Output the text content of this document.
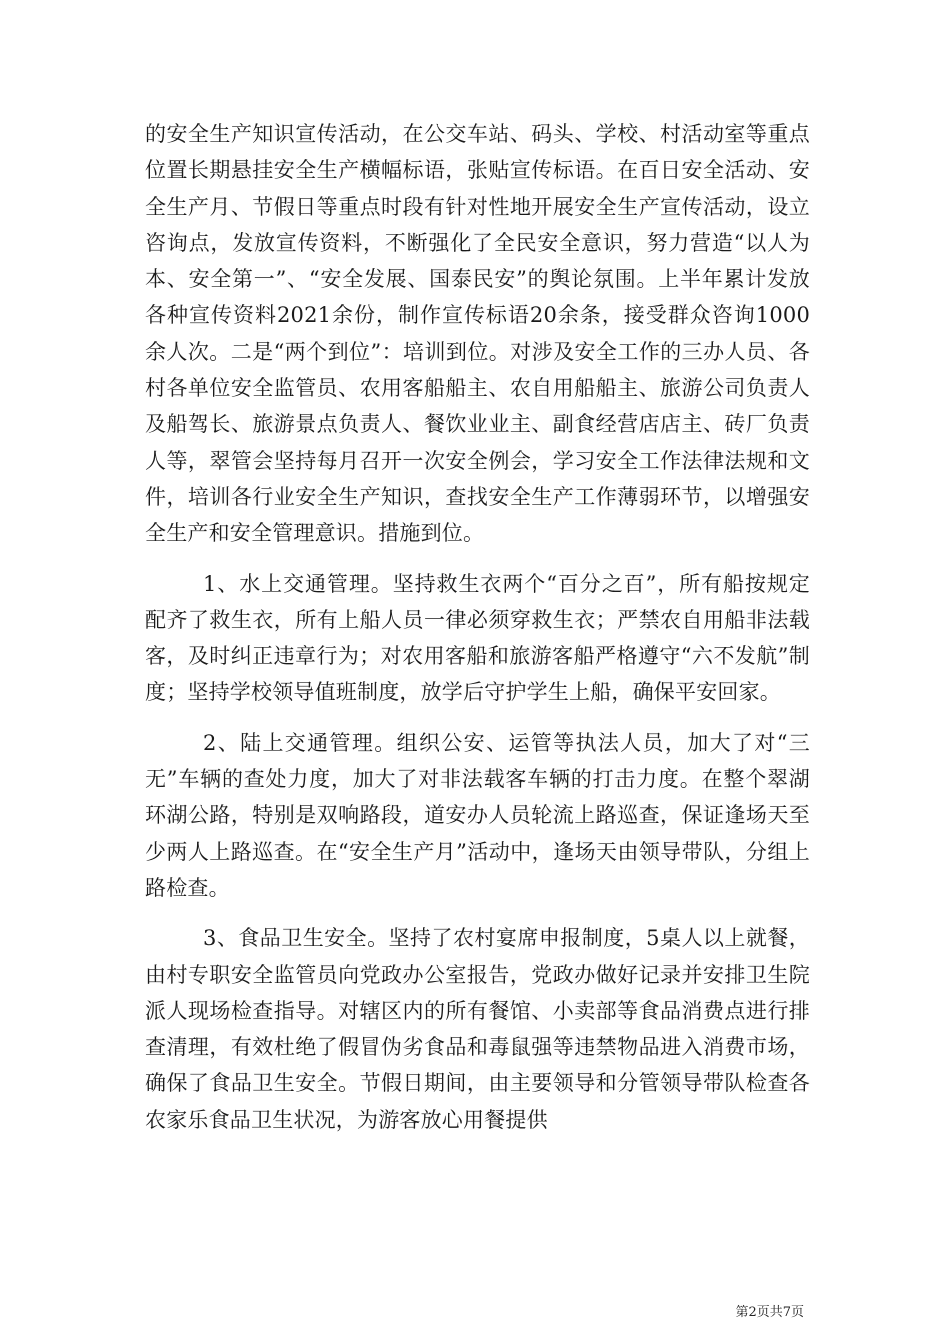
的安全生产知识宣传活动，在公交车站、码头、学校、村活动室等重点位置长期悬挂安全生产横幅标语，张贴宣传标语。在百日安全活动、安全生产月、节假日等重点时段有针对性地开展安全生产宣传活动，设立咨询点，发放宣传资料，不断强化了全民安全意识，努力营造“以人为本、安全第一”、“安全发展、国泰民安”的舆论氛围。上半年累计发放各种宣传资料2021余份，制作宣传标语20余条，接受群众咨询1000余人次。二是“两个到位”：培训到位。对涉及安全工作的三办人员、各村各单位安全监管员、农用客船船主、农自用船船主、旅游公司负责人及船驾长、旅游景点负责人、餐饮业业主、副食经营店店主、砖厂负责人等，翠管会坚持每月召开一次安全例会，学习安全工作法律法规和文件，培训各行业安全生产知识，查找安全生产工作薄弱环节，以增强安全生产和安全管理意识。措施到位。

1、水上交通管理。坚持救生衣两个“百分之百”，所有船按规定配齐了救生衣，所有上船人员一律必须穿救生衣；严禁农自用船非法载客，及时纠正违章行为；对农用客船和旅游客船严格遵守“六不发航”制度；坚持学校领导值班制度，放学后守护学生上船，确保平安回家。

2、陆上交通管理。组织公安、运管等执法人员，加大了对“三无”车辆的查处力度，加大了对非法载客车辆的打击力度。在整个翠湖环湖公路，特别是双响路段，道安办人员轮流上路巡查，保证逢场天至少两人上路巡查。在“安全生产月”活动中，逢场天由领导带队，分组上路检查。

3、食品卫生安全。坚持了农村宴席申报制度，5桌人以上就餐，由村专职安全监管员向党政办公室报告，党政办做好记录并安排卫生院派人现场检查指导。对辖区内的所有餐馆、小卖部等食品消费点进行排查清理，有效杜绝了假冒伪劣食品和毒鼠强等违禁物品进入消费市场，确保了食品卫生安全。节假日期间，由主要领导和分管领导带队检查各农家乐食品卫生状况，为游客放心用餐提供

第2页共7页
